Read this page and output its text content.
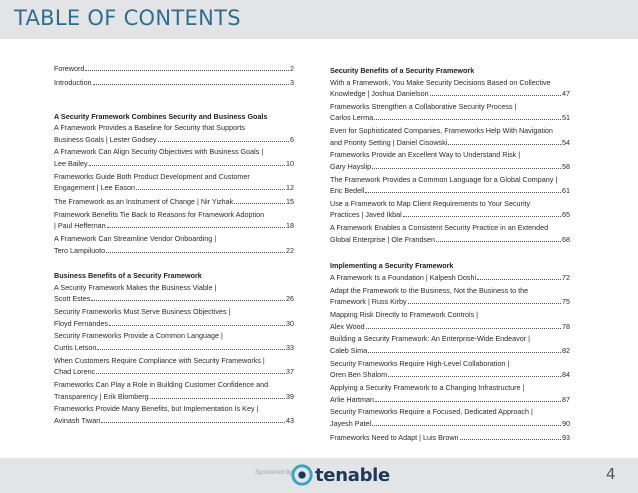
TABLE OF CONTENTS
Foreword	2
Introduction	3
A Security Framework Combines Security and Business Goals
A Framework Provides a Baseline for Security that Supports
Business Goals | Lester Godsey	6
A Framework Can Align Security Objectives with Business Goals |
Lee Bailey	10
Frameworks Guide Both Product Development and Customer
Engagement | Lee Eason	12
The Framework as an Instrument of Change | Nir Yizhak	15
Framework Benefits Tie Back to Reasons for Framework Adoption
| Paul Heffernan	18
A Framework Can Streamline Vendor Onboarding |
Tero Lampiluoto	22
Business Benefits of a Security Framework
A Security Framework Makes the Business Viable |
Scott Estes	26
Security Frameworks Must Serve Business Objectives |
Floyd Fernandes	30
Security Frameworks Provide a Common Language |
Curtis Letson	33
When Customers Require Compliance with Security Frameworks |
Chad Lorenc	37
Frameworks Can Play a Role in Building Customer Confidence and
Transparency | Erik Blomberg	39
Frameworks Provide Many Benefits, but Implementation Is Key |
Avinash Tiwari	43
Security Benefits of a Security Framework
With a Framework, You Make Security Decisions Based on Collective
Knowledge | Joshua Danielson	47
Frameworks Strengthen a Collaborative Security Process |
Carlos Lerma	51
Even for Sophisticated Companies, Frameworks Help With Navigation
and Priority Setting | Daniel Cisowski	54
Frameworks Provide an Excellent Way to Understand Risk |
Gary Hayslip	58
The Framework Provides a Common Language for a Global Company |
Eric Bedell	61
Use a Framework to Map Client Requirements to Your Security
Practices | Javed Ikbal	65
A Framework Enables a Consistent Security Practice in an Extended
Global Enterprise | Ole Frandsen	68
Implementing a Security Framework
A Framework Is a Foundation | Kalpesh Doshi	72
Adapt the Framework to the Business, Not the Business to the
Framework | Russ Kirby	75
Mapping Risk Directly to Framework Controls |
Alex Wood	78
Building a Security Framework: An Enterprise-Wide Endeavor |
Caleb Sima	82
Security Frameworks Require High-Level Collaboration |
Oren Ben Shalom	84
Applying a Security Framework to a Changing Infrastructure |
Arlie Hartman	87
Security Frameworks Require a Focused, Dedicated Approach |
Jayesh Patel	90
Frameworks Need to Adapt | Luis Brown	93
Sponsored by: tenable	4
